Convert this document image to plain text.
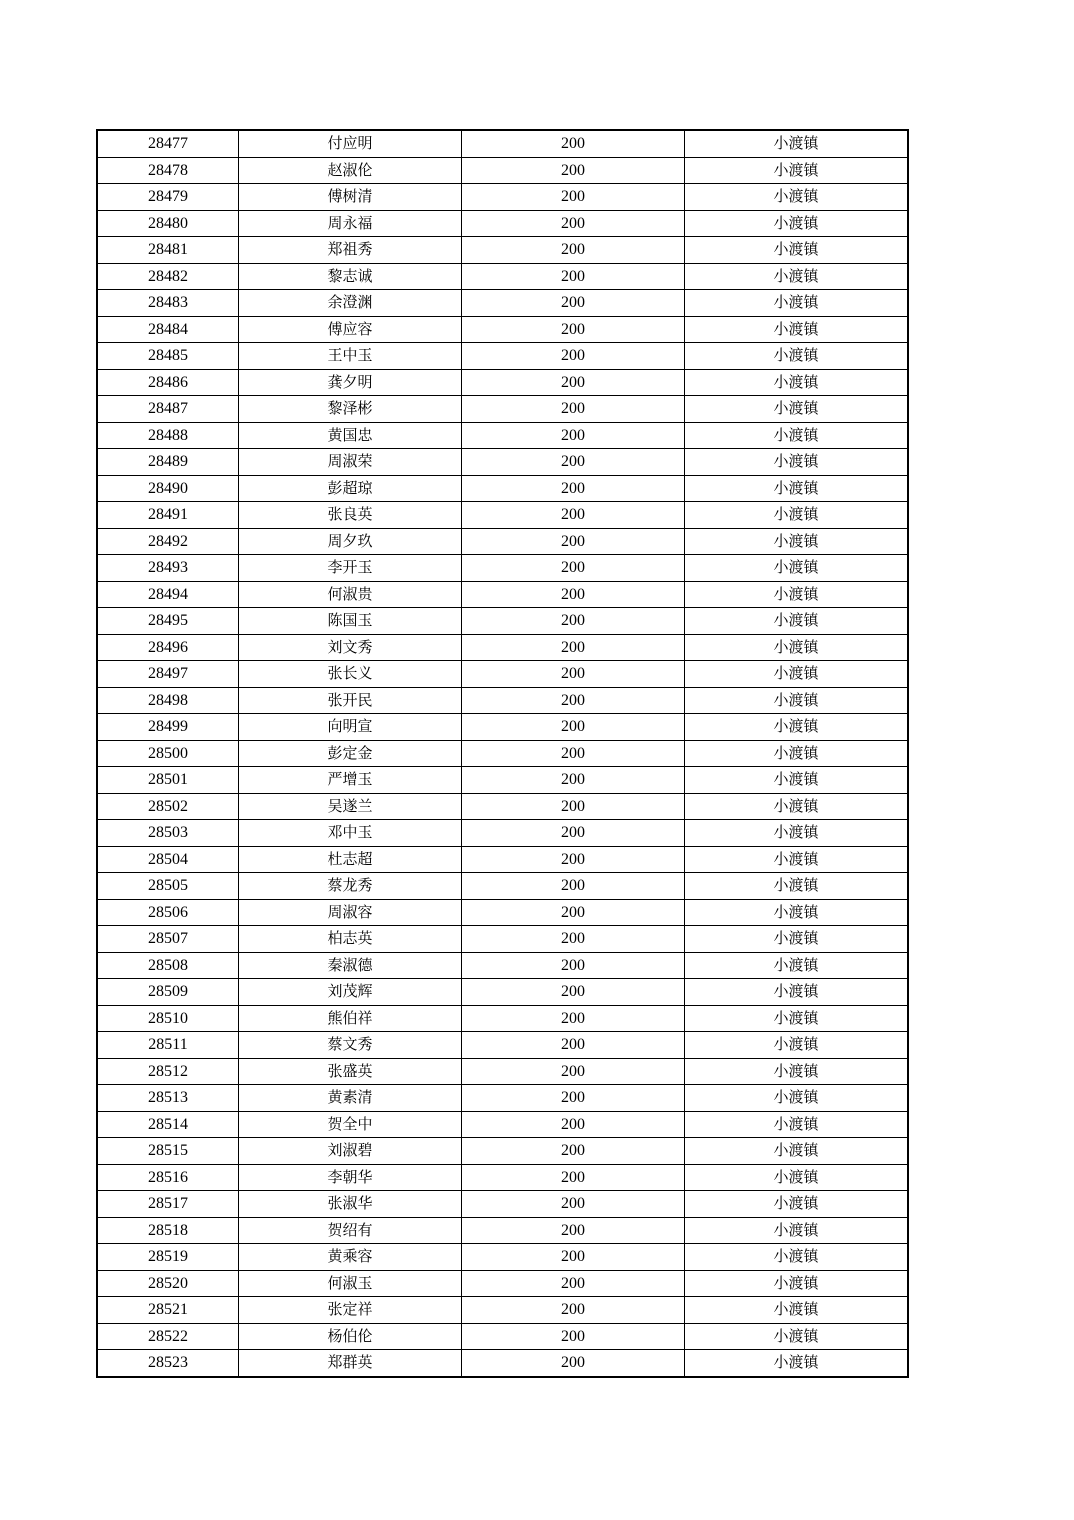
28477	付应明	200	小渡镇
28478	赵淑伦	200	小渡镇
28479	傅树清	200	小渡镇
28480	周永福	200	小渡镇
28481	郑祖秀	200	小渡镇
28482	黎志诚	200	小渡镇
28483	余澄渊	200	小渡镇
28484	傅应容	200	小渡镇
28485	王中玉	200	小渡镇
28486	龚夕明	200	小渡镇
28487	黎泽彬	200	小渡镇
28488	黄国忠	200	小渡镇
28489	周淑荣	200	小渡镇
28490	彭超琼	200	小渡镇
28491	张良英	200	小渡镇
28492	周夕玖	200	小渡镇
28493	李开玉	200	小渡镇
28494	何淑贵	200	小渡镇
28495	陈国玉	200	小渡镇
28496	刘文秀	200	小渡镇
28497	张长义	200	小渡镇
28498	张开民	200	小渡镇
28499	向明宣	200	小渡镇
28500	彭定金	200	小渡镇
28501	严增玉	200	小渡镇
28502	吴遂兰	200	小渡镇
28503	邓中玉	200	小渡镇
28504	杜志超	200	小渡镇
28505	蔡龙秀	200	小渡镇
28506	周淑容	200	小渡镇
28507	柏志英	200	小渡镇
28508	秦淑德	200	小渡镇
28509	刘茂辉	200	小渡镇
28510	熊伯祥	200	小渡镇
28511	蔡文秀	200	小渡镇
28512	张盛英	200	小渡镇
28513	黄素清	200	小渡镇
28514	贺全中	200	小渡镇
28515	刘淑碧	200	小渡镇
28516	李朝华	200	小渡镇
28517	张淑华	200	小渡镇
28518	贺绍有	200	小渡镇
28519	黄乘容	200	小渡镇
28520	何淑玉	200	小渡镇
28521	张定祥	200	小渡镇
28522	杨伯伦	200	小渡镇
28523	郑群英	200	小渡镇
